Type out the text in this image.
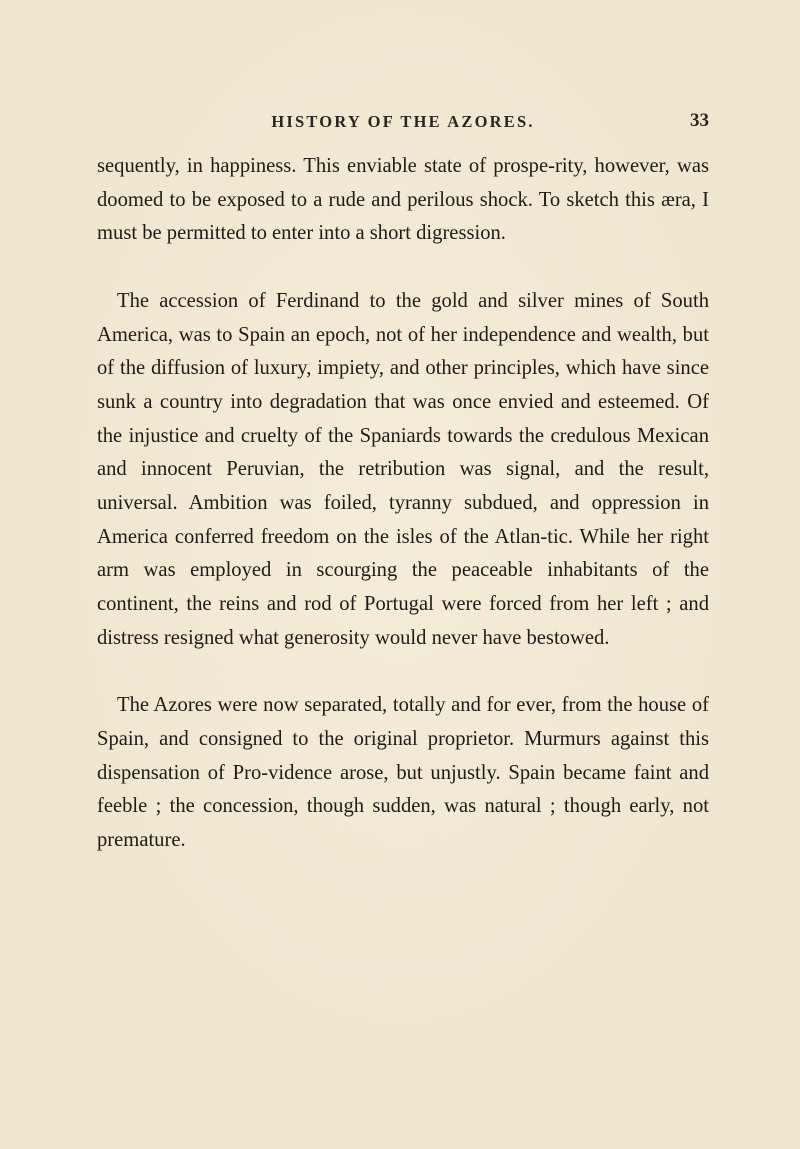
HISTORY OF THE AZORES.	33

sequently, in happiness. This enviable state of prospe-rity, however, was doomed to be exposed to a rude and perilous shock. To sketch this æra, I must be permitted to enter into a short digression.

The accession of Ferdinand to the gold and silver mines of South America, was to Spain an epoch, not of her independence and wealth, but of the diffusion of luxury, impiety, and other principles, which have since sunk a country into degradation that was once envied and esteemed. Of the injustice and cruelty of the Spaniards towards the credulous Mexican and innocent Peruvian, the retribution was signal, and the result, universal. Ambition was foiled, tyranny subdued, and oppression in America conferred freedom on the isles of the Atlan-tic. While her right arm was employed in scourging the peaceable inhabitants of the continent, the reins and rod of Portugal were forced from her left ; and distress resigned what generosity would never have bestowed.

The Azores were now separated, totally and for ever, from the house of Spain, and consigned to the original proprietor. Murmurs against this dispensation of Pro-vidence arose, but unjustly. Spain became faint and feeble ; the concession, though sudden, was natural ; though early, not premature.
